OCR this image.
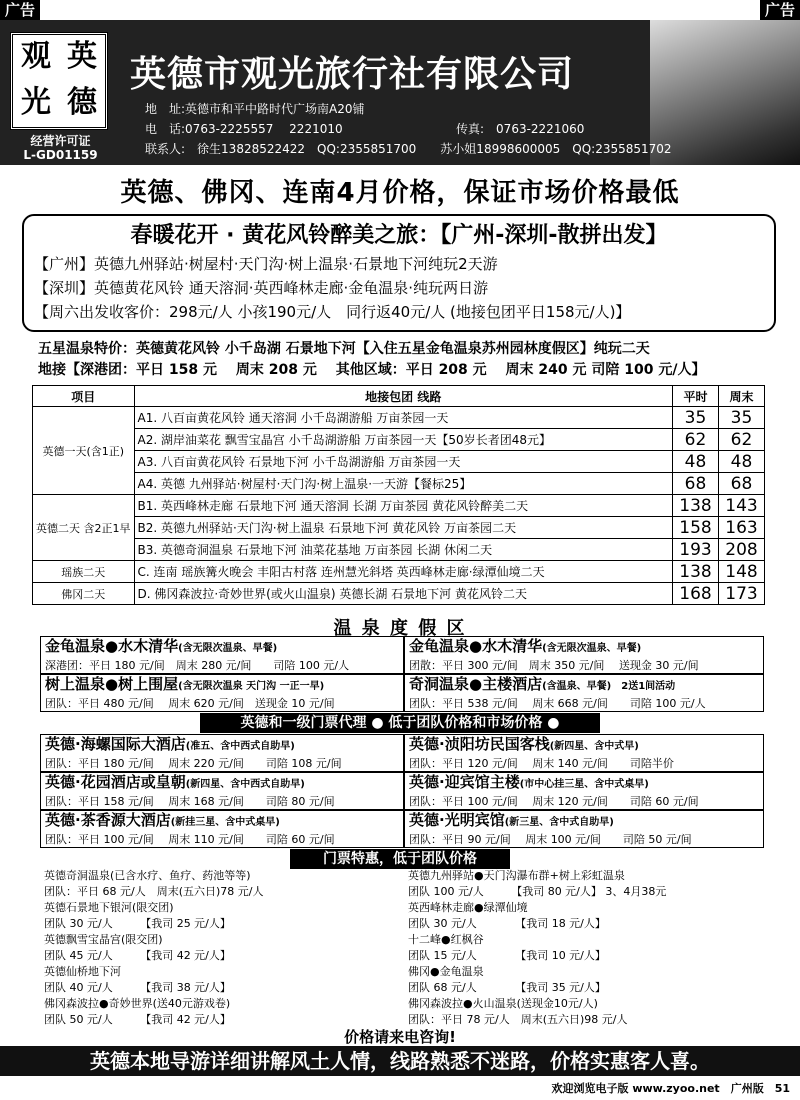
广告	广告
观 英
光 德
经营许可证
L-GD01159
英德市观光旅行社有限公司
地　址:英德市和平中路时代广场南A20铺
电　话:0763-2225557　 2221010	传真:　0763-2221060
联系人:　徐生13828522422　QQ:2355851700　　苏小姐18998600005　QQ:2355851702
英德、佛冈、连南4月价格，保证市场价格最低
春暖花开 · 黄花风铃醉美之旅：【广州-深圳-散拼出发】
【广州】英德九州驿站·树屋村·天门沟·树上温泉·石景地下河纯玩2天游
【深圳】英德黄花风铃 通天溶洞·英西峰林走廊·金龟温泉·纯玩两日游
【周六出发收客价：298元/人 小孩190元/人　同行返40元/人 (地接包团平日158元/人)】
五星温泉特价：英德黄花风铃 小千岛湖 石景地下河【入住五星金龟温泉苏州园林度假区】纯玩二天
地接【深港团：平日 158 元　 周末 208 元　 其他区域：平日 208 元　 周末 240 元 司陪 100 元/人】
项目	地接包团 线路	平时	周末
英德一天(含1正)	A1. 八百亩黄花风铃 通天溶洞 小千岛湖游船 万亩茶园一天	35	35
	A2. 湖岸油菜花 飘雪宝晶宫 小千岛湖游船 万亩茶园一天【50岁长者团48元】	62	62
	A3. 八百亩黄花风铃 石景地下河 小千岛湖游船 万亩茶园一天	48	48
	A4. 英德 九州驿站·树屋村·天门沟·树上温泉·一天游【餐标25】	68	68
英德二天 含2正1早	B1. 英西峰林走廊 石景地下河 通天溶洞 长湖 万亩茶园 黄花风铃醉美二天	138	143
	B2. 英德九州驿站·天门沟·树上温泉 石景地下河 黄花风铃 万亩茶园二天	158	163
	B3. 英德奇洞温泉 石景地下河 油菜花基地 万亩茶园 长湖 休闲二天	193	208
瑶族二天	C. 连南 瑶族篝火晚会 丰阳古村落 连州慧光斜塔 英西峰林走廊·绿潭仙境二天	138	148
佛冈二天	D. 佛冈森波拉·奇妙世界(或火山温泉) 英德长湖 石景地下河 黄花风铃二天	168	173
温 泉 度 假 区
金龟温泉●水木清华(含无限次温泉、早餐)
深港团：平日 180 元/间　周末 280 元/间　　司陪 100 元/人
金龟温泉●水木清华(含无限次温泉、早餐)
团散：平日 300 元/间　周末 350 元/间　 送现金 30 元/间
树上温泉●树上围屋(含无限次温泉 天门沟 一正一早)
团队：平日 480 元/间　 周末 620 元/间　送现金 10 元/间
奇洞温泉●主楼酒店(含温泉、早餐)　2送1间活动
团队：平日 538 元/间　 周末 668 元/间　　司陪 100 元/人
英德和一级门票代理 ● 低于团队价格和市场价格 ●
英德·海螺国际大酒店(准五、含中西式自助早)
团队：平日 180 元/间　 周末 220 元/间　　司陪 108 元/间
英德·浈阳坊民国客栈(新四星、含中式早)
团队：平日 120 元/间　 周末 140 元/间　　司陪半价
英德·花园酒店或皇朝(新四星、含中西式自助早)
团队：平日 158 元/间　 周末 168 元/间　　司陪 80 元/间
英德·迎宾馆主楼(市中心挂三星、含中式桌早)
团队：平日 100 元/间　 周末 120 元/间　　司陪 60 元/间
英德·茶香源大酒店(新挂三星、含中式桌早)
团队：平日 100 元/间　 周末 110 元/间　　司陪 60 元/间
英德·光明宾馆(新三星、含中式自助早)
团队：平日 90 元/间　 周末 100 元/间　　司陪 50 元/间
门票特惠，低于团队价格
英德奇洞温泉(已含水疗、鱼疗、药池等等)
团队：平日 68 元/人　周末(五六日)78 元/人
英德九州驿站●天门沟瀑布群+树上彩虹温泉
团队 100 元/人　　　【我司 80 元/人】 3、4月38元
英德石景地下银河(限交团)
团队 30 元/人　　　【我司 25 元/人】
英西峰林走廊●绿潭仙境
团队 30 元/人　　　　【我司 18 元/人】
英德飘雪宝晶宫(限交团)
团队 45 元/人　　　【我司 42 元/人】
十二峰●红枫谷
团队 15 元/人　　　　【我司 10 元/人】
英德仙桥地下河
团队 40 元/人　　　【我司 38 元/人】
佛冈●金龟温泉
团队 68 元/人　　　　【我司 35 元/人】
佛冈森波拉●奇妙世界(送40元游戏卷)
团队 50 元/人　　　【我司 42 元/人】
佛冈森波拉●火山温泉(送现金10元/人)
团队：平日 78 元/人　周末(五六日)98 元/人
价格请来电咨询!
英德本地导游详细讲解风土人情，线路熟悉不迷路，价格实惠客人喜。
欢迎浏览电子版 www.zyoo.net　广州版　51
